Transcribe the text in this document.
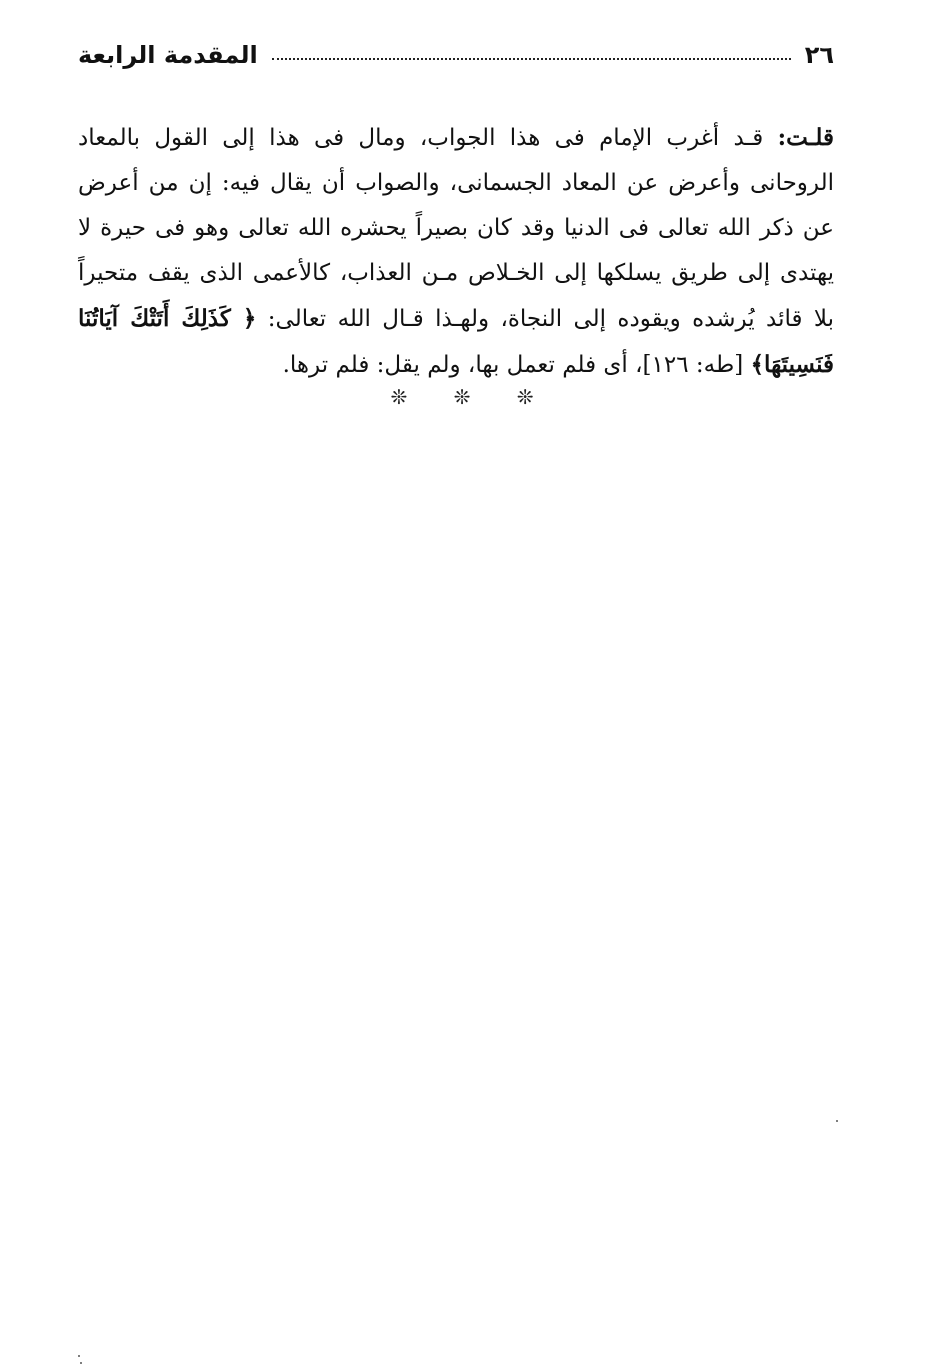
٢٦
المقدمة الرابعة

قلـت: قـد أغرب الإمام فى هذا الجواب، ومال فى هذا إلى القول بالمعاد الروحانى وأعرض عن المعاد الجسمانى، والصواب أن يقال فيه: إن من أعرض عن ذكر الله تعالى فى الدنيا وقد كان بصيراً يحشره الله تعالى وهو فى حيرة لا يهتدى إلى طريق يسلكها إلى الخـلاص مـن العذاب، كالأعمى الذى يقف متحيراً بلا قائد يُرشده ويقوده إلى النجاة، ولهـذا قـال الله تعالى: ﴿ كَذَلِكَ أَتَتْكَ آيَاتُنَا فَنَسِيتَهَا﴾ [طه: ١٢٦]، أى فلم تعمل بها، ولم يقل: فلم ترها.

❊ ❊ ❊
